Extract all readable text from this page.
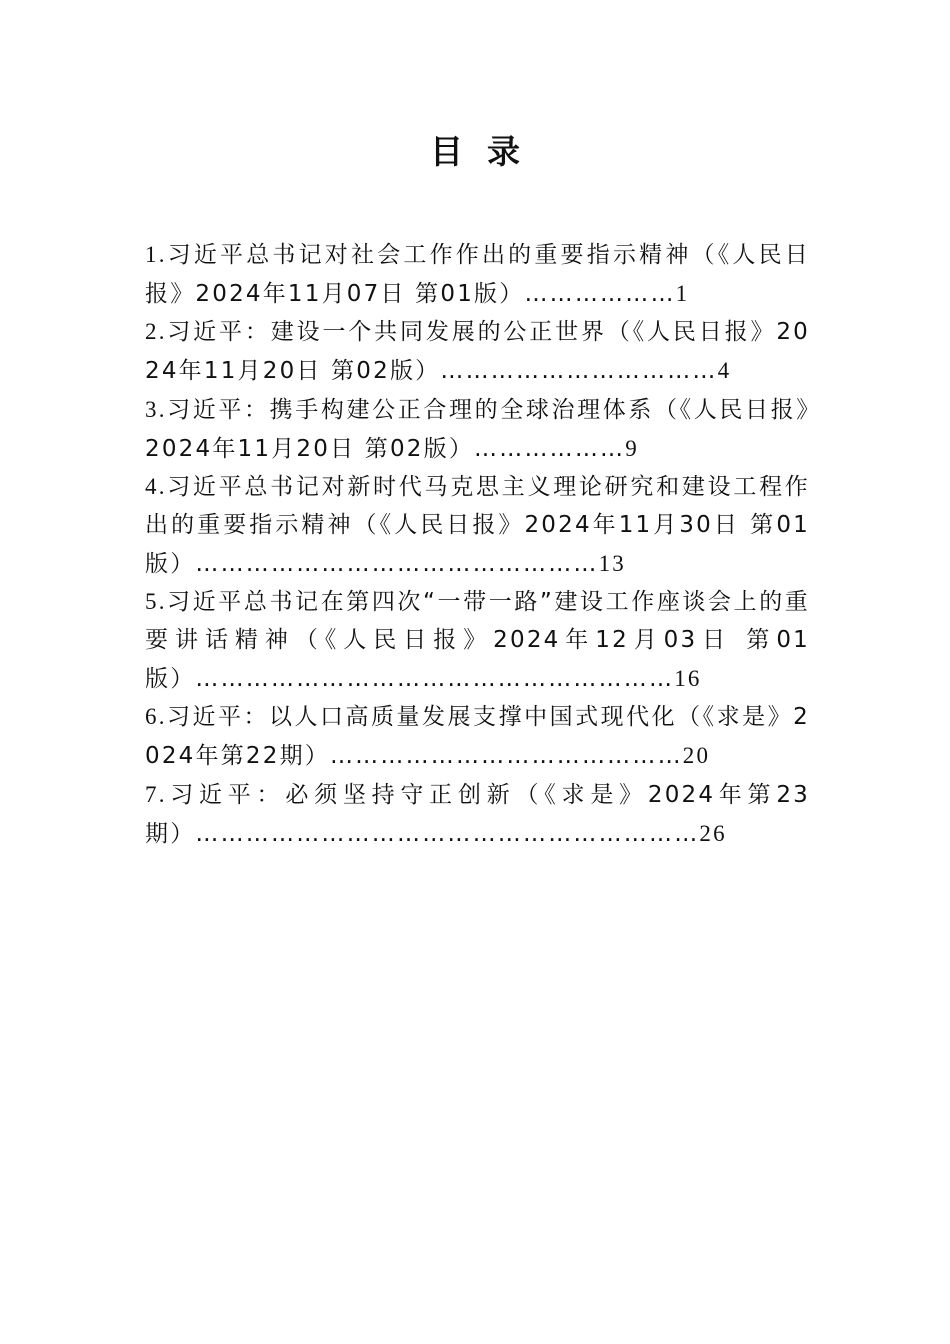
目录

1.习近平总书记对社会工作作出的重要指示精神（《人民日报》2024年11月07日 第01版）………………1

2.习近平：建设一个共同发展的公正世界（《人民日报》2024年11月20日 第02版）……………………………4

3.习近平：携手构建公正合理的全球治理体系（《人民日报》2024年11月20日 第02版）………………9

4.习近平总书记对新时代马克思主义理论研究和建设工程作出的重要指示精神（《人民日报》2024年11月30日 第01版）…………………………………………13

5.习近平总书记在第四次“一带一路”建设工作座谈会上的重要讲话精神（《人民日报》2024年12月03日 第01版）…………………………………………………16

6.习近平：以人口高质量发展支撑中国式现代化（《求是》2024年第22期）……………………………………20

7.习近平：必须坚持守正创新（《求是》2024年第23期）……………………………………………………26
